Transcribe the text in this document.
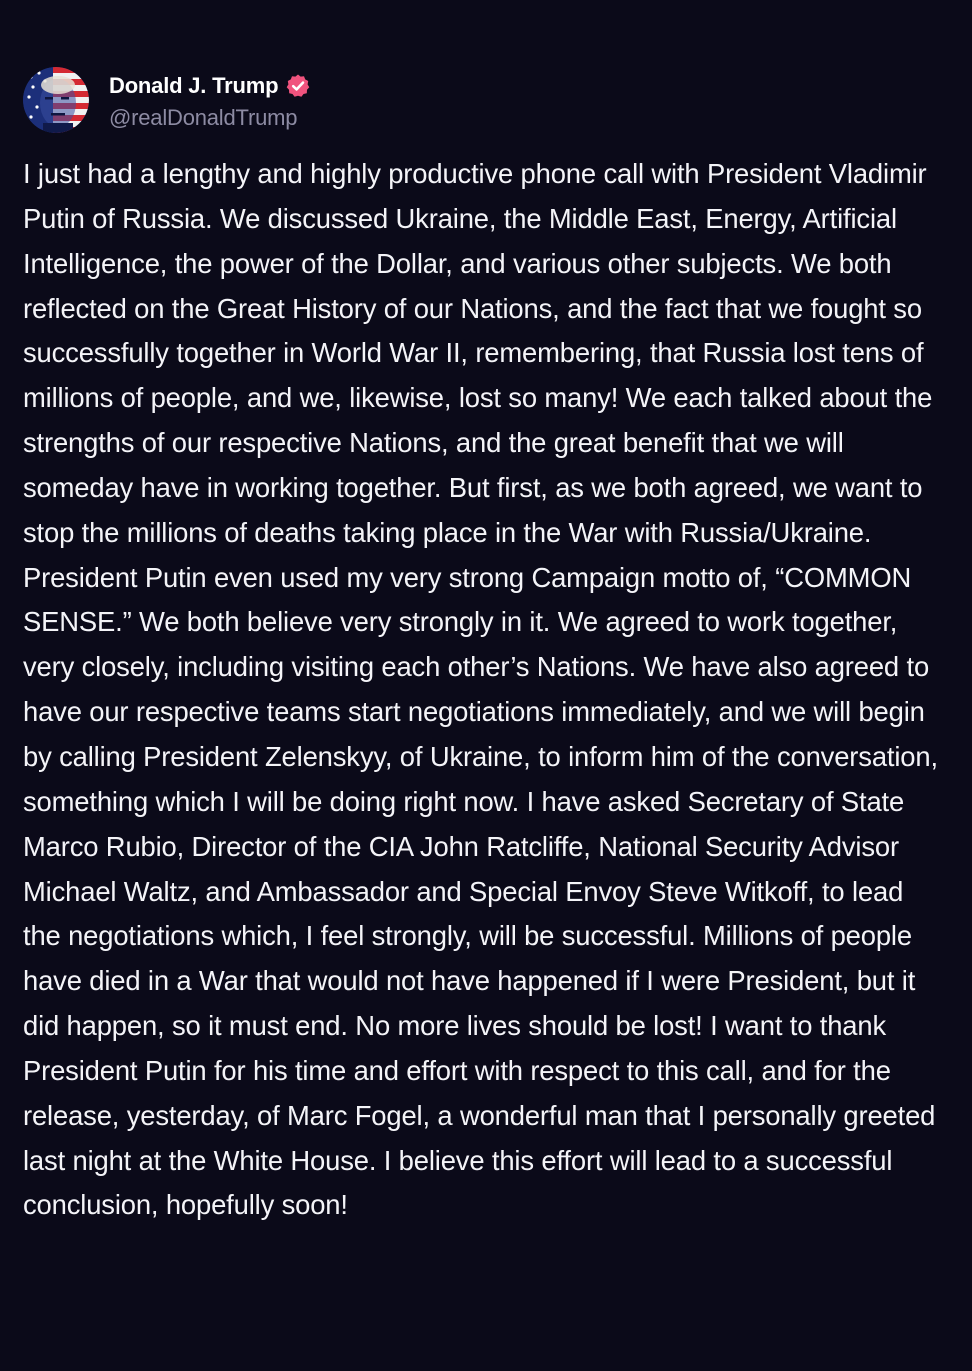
Donald J. Trump
@realDonaldTrump

I just had a lengthy and highly productive phone call with President Vladimir Putin of Russia. We discussed Ukraine, the Middle East, Energy, Artificial Intelligence, the power of the Dollar, and various other subjects. We both reflected on the Great History of our Nations, and the fact that we fought so successfully together in World War II, remembering, that Russia lost tens of millions of people, and we, likewise, lost so many! We each talked about the strengths of our respective Nations, and the great benefit that we will someday have in working together. But first, as we both agreed, we want to stop the millions of deaths taking place in the War with Russia/Ukraine. President Putin even used my very strong Campaign motto of, “COMMON SENSE.” We both believe very strongly in it. We agreed to work together, very closely, including visiting each other’s Nations. We have also agreed to have our respective teams start negotiations immediately, and we will begin by calling President Zelenskyy, of Ukraine, to inform him of the conversation, something which I will be doing right now. I have asked Secretary of State Marco Rubio, Director of the CIA John Ratcliffe, National Security Advisor Michael Waltz, and Ambassador and Special Envoy Steve Witkoff, to lead the negotiations which, I feel strongly, will be successful. Millions of people have died in a War that would not have happened if I were President, but it did happen, so it must end. No more lives should be lost! I want to thank President Putin for his time and effort with respect to this call, and for the release, yesterday, of Marc Fogel, a wonderful man that I personally greeted last night at the White House. I believe this effort will lead to a successful conclusion, hopefully soon!
